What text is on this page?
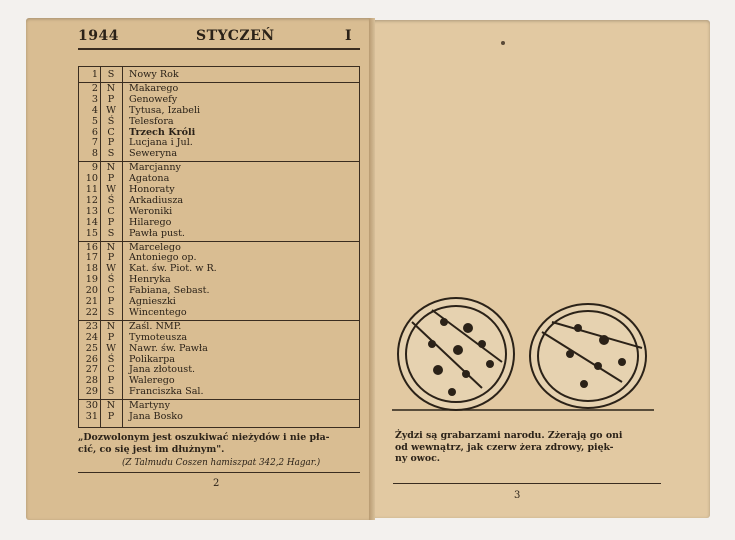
1944	STYCZEŃ	I
1	S	Nowy Rok
2 N	Makarego
3	P	Genowefy
4 W	Tytusa, Izabeli
5	Ś	Telesfora
6 C	Trzech Króli
7	P	Lucjana i Jul.
8	S	Seweryna
9 N	Marcjanny
10	P	Agatona
11 W	Honoraty
12	Ś	Arkadiusza
13 C	Weroniki
14	P	Hilarego
15	S	Pawła pust.
16 N	Marcelego
17	P	Antoniego op.
18 W	Kat. św. Piot. w R.
19	Ś	Henryka
20 C	Fabiana, Sebast.
21	P	Agnieszki
22	S	Wincentego
23 N	Zaśl. NMP.
24	P	Tymoteusza
25 W	Nawr. św. Pawła
26	Ś	Polikarpa
27 C	Jana złotoust.
28	P	Walerego
29	S	Franciszka Sal.
30 N	Martyny
31	P	Jana Bosko
„Dozwolonym jest oszukiwać nieżydów i nie pła-
cić, co się jest im dłużnym".
(Z Talmudu Coszen hamiszpat 342,2 Hagar.)
2
Żydzi są grabarzami narodu. Zżerają go oni
od wewnątrz, jak czerw żera zdrowy, pięk-
ny owoc.
3
